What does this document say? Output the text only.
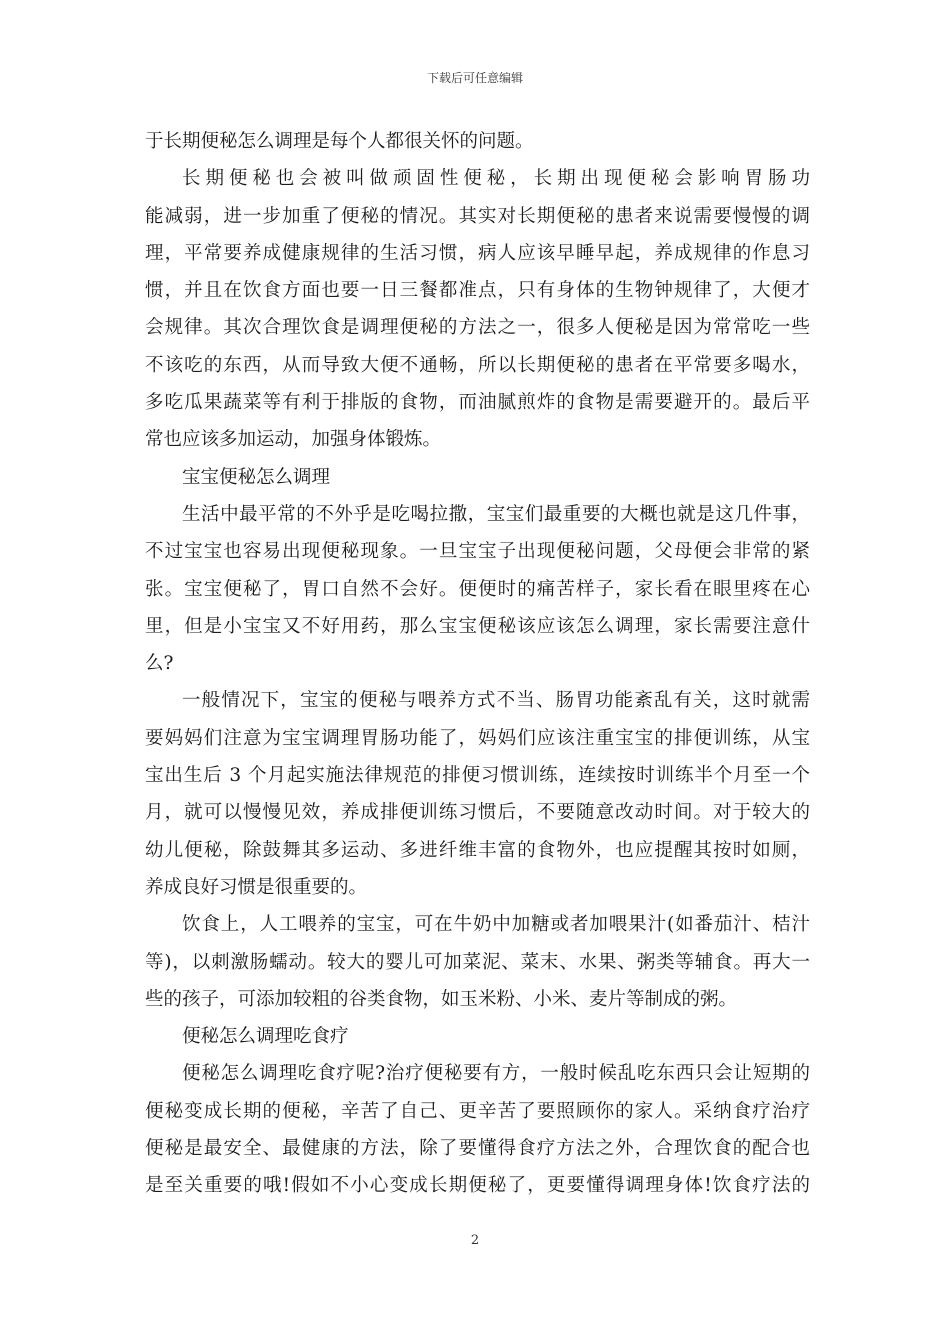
下载后可任意编辑
于长期便秘怎么调理是每个人都很关怀的问题。
长期便秘也会被叫做顽固性便秘，长期出现便秘会影响胃肠功
能减弱，进一步加重了便秘的情况。其实对长期便秘的患者来说需要慢慢的调
理，平常要养成健康规律的生活习惯，病人应该早睡早起，养成规律的作息习
惯，并且在饮食方面也要一日三餐都准点，只有身体的生物钟规律了，大便才
会规律。其次合理饮食是调理便秘的方法之一，很多人便秘是因为常常吃一些
不该吃的东西，从而导致大便不通畅，所以长期便秘的患者在平常要多喝水，
多吃瓜果蔬菜等有利于排版的食物，而油腻煎炸的食物是需要避开的。最后平
常也应该多加运动，加强身体锻炼。
宝宝便秘怎么调理
生活中最平常的不外乎是吃喝拉撒，宝宝们最重要的大概也就是这几件事，
不过宝宝也容易出现便秘现象。一旦宝宝子出现便秘问题，父母便会非常的紧
张。宝宝便秘了，胃口自然不会好。便便时的痛苦样子，家长看在眼里疼在心
里，但是小宝宝又不好用药，那么宝宝便秘该应该怎么调理，家长需要注意什
么?
一般情况下，宝宝的便秘与喂养方式不当、肠胃功能紊乱有关，这时就需
要妈妈们注意为宝宝调理胃肠功能了，妈妈们应该注重宝宝的排便训练，从宝
宝出生后 3 个月起实施法律规范的排便习惯训练，连续按时训练半个月至一个
月，就可以慢慢见效，养成排便训练习惯后，不要随意改动时间。对于较大的
幼儿便秘，除鼓舞其多运动、多进纤维丰富的食物外，也应提醒其按时如厕，
养成良好习惯是很重要的。
饮食上，人工喂养的宝宝，可在牛奶中加糖或者加喂果汁(如番茄汁、桔汁
等)，以刺激肠蠕动。较大的婴儿可加菜泥、菜末、水果、粥类等辅食。再大一
些的孩子，可添加较粗的谷类食物，如玉米粉、小米、麦片等制成的粥。
便秘怎么调理吃食疗
便秘怎么调理吃食疗呢?治疗便秘要有方，一般时候乱吃东西只会让短期的
便秘变成长期的便秘，辛苦了自己、更辛苦了要照顾你的家人。采纳食疗治疗
便秘是最安全、最健康的方法，除了要懂得食疗方法之外，合理饮食的配合也
是至关重要的哦!假如不小心变成长期便秘了，更要懂得调理身体!饮食疗法的
2
